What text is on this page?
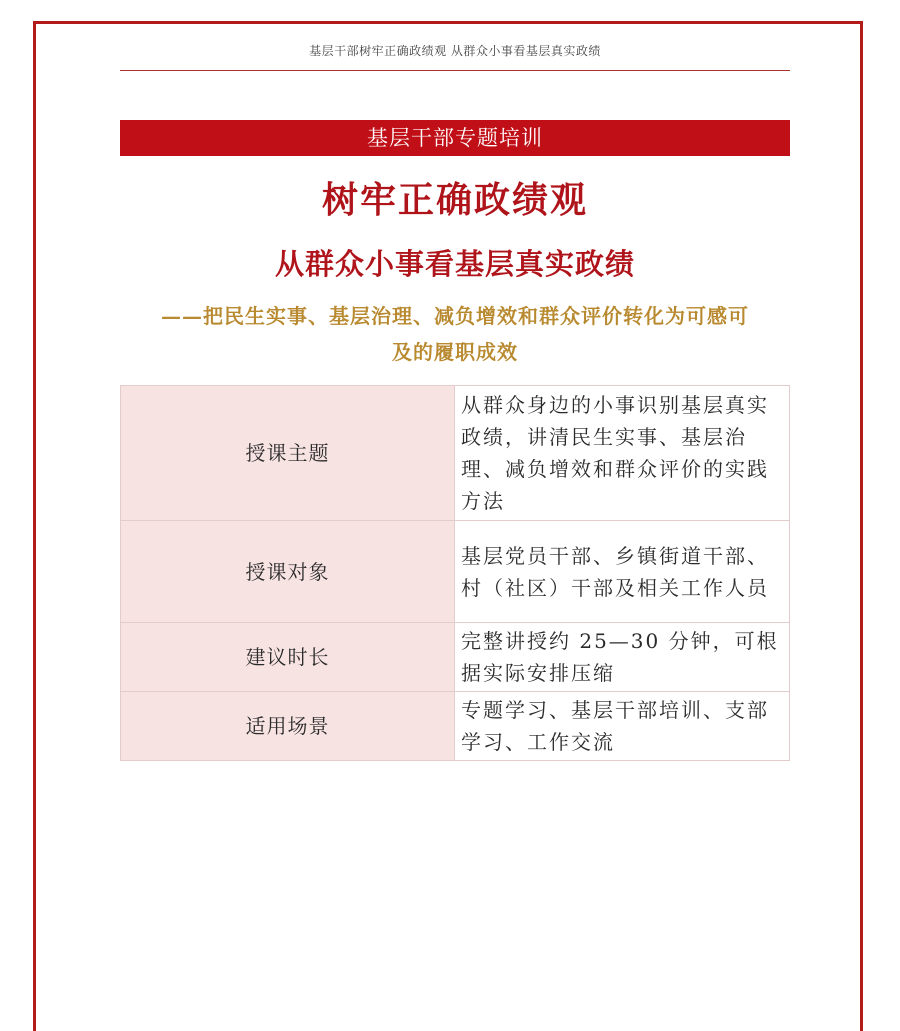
基层干部树牢正确政绩观 从群众小事看基层真实政绩
基层干部专题培训
树牢正确政绩观
从群众小事看基层真实政绩
——把民生实事、基层治理、减负增效和群众评价转化为可感可
及的履职成效
授课主题	从群众身边的小事识别基层真实政绩，讲清民生实事、基层治理、减负增效和群众评价的实践方法
授课对象	基层党员干部、乡镇街道干部、村（社区）干部及相关工作人员
建议时长	完整讲授约 25—30 分钟，可根据实际安排压缩
适用场景	专题学习、基层干部培训、支部学习、工作交流
